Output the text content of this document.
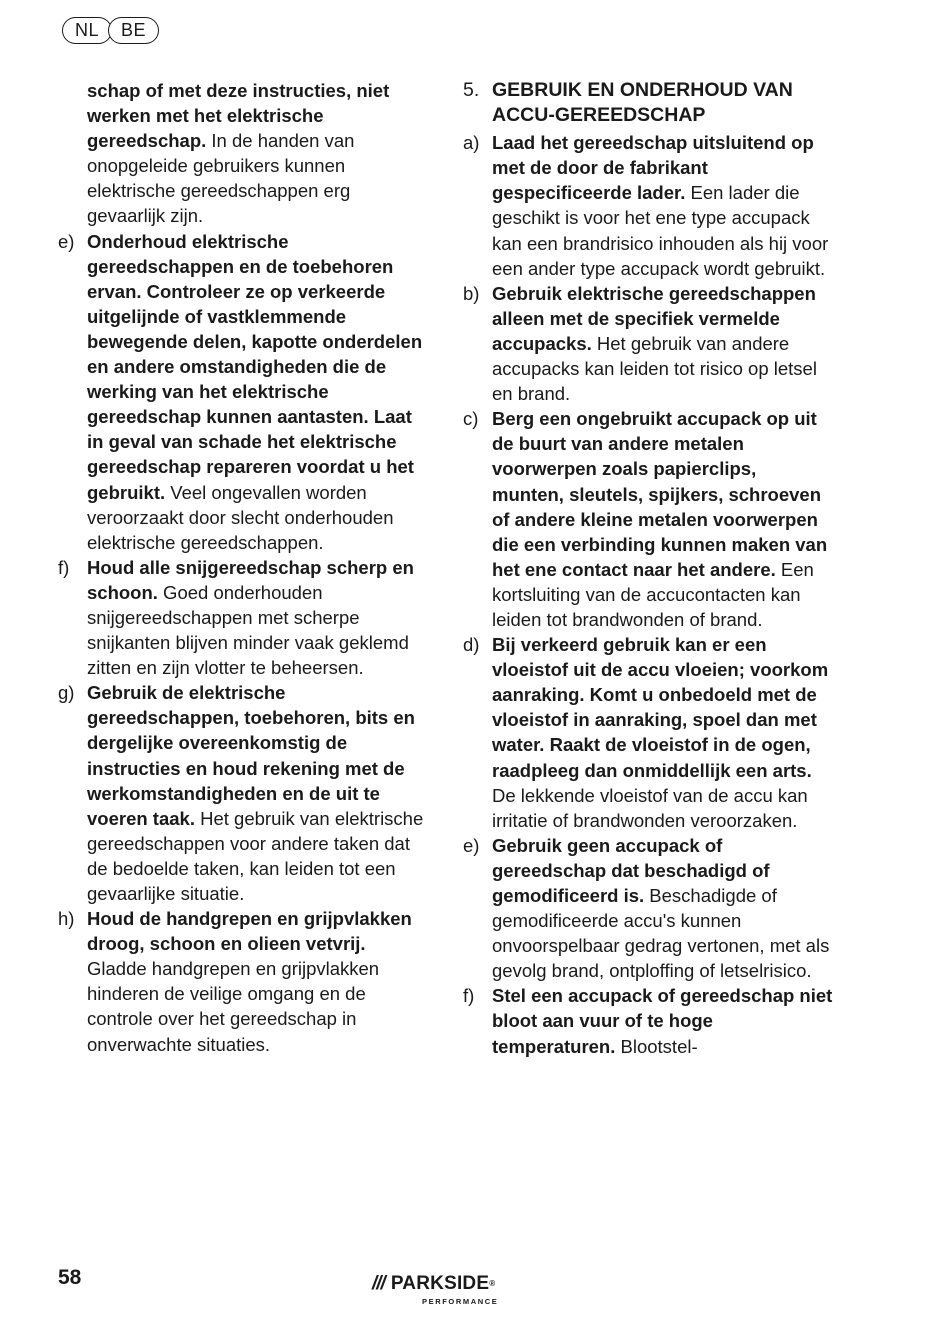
NL	BE

schap of met deze instructies, niet werken met het elektrische gereedschap. In de handen van onopgeleide gebruikers kunnen elektrische gereedschappen erg gevaarlijk zijn.

e) Onderhoud elektrische gereedschappen en de toebehoren ervan. Controleer ze op verkeerde uitgelijnde of vastklemmende bewegende delen, kapotte onderdelen en andere omstandigheden die de werking van het elektrische gereedschap kunnen aantasten. Laat in geval van schade het elektrische gereedschap repareren voordat u het gebruikt. Veel ongevallen worden veroorzaakt door slecht onderhouden elektrische gereedschappen.
f) Houd alle snijgereedschap scherp en schoon. Goed onderhouden snijgereedschappen met scherpe snijkanten blijven minder vaak geklemd zitten en zijn vlotter te beheersen.
g) Gebruik de elektrische gereedschappen, toebehoren, bits en dergelijke overeenkomstig de instructies en houd rekening met de werkomstandigheden en de uit te voeren taak. Het gebruik van elektrische gereedschappen voor andere taken dat de bedoelde taken, kan leiden tot een gevaarlijke situatie.
h) Houd de handgrepen en grijpvlakken droog, schoon en olieen vetvrij. Gladde handgrepen en grijpvlakken hinderen de veilige omgang en de controle over het gereedschap in onverwachte situaties.
5. GEBRUIK EN ONDERHOUD VAN ACCU-GEREEDSCHAP
a) Laad het gereedschap uitsluitend op met de door de fabrikant gespecificeerde lader. Een lader die geschikt is voor het ene type accupack kan een brandrisico inhouden als hij voor een ander type accupack wordt gebruikt.
b) Gebruik elektrische gereedschappen alleen met de specifiek vermelde accupacks. Het gebruik van andere accupacks kan leiden tot risico op letsel en brand.
c) Berg een ongebruikt accupack op uit de buurt van andere metalen voorwerpen zoals papierclips, munten, sleutels, spijkers, schroeven of andere kleine metalen voorwerpen die een verbinding kunnen maken van het ene contact naar het andere. Een kortsluiting van de accucontacten kan leiden tot brandwonden of brand.
d) Bij verkeerd gebruik kan er een vloeistof uit de accu vloeien; voorkom aanraking. Komt u onbedoeld met de vloeistof in aanraking, spoel dan met water. Raakt de vloeistof in de ogen, raadpleeg dan onmiddellijk een arts. De lekkende vloeistof van de accu kan irritatie of brandwonden veroorzaken.
e) Gebruik geen accupack of gereedschap dat beschadigd of gemodificeerd is. Beschadigde of gemodificeerde accu's kunnen onvoorspelbaar gedrag vertonen, met als gevolg brand, ontploffing of letselrisico.
f) Stel een accupack of gereedschap niet bloot aan vuur of te hoge temperaturen. Blootstel-
58	/// PARKSIDE®
PERFORMANCE
